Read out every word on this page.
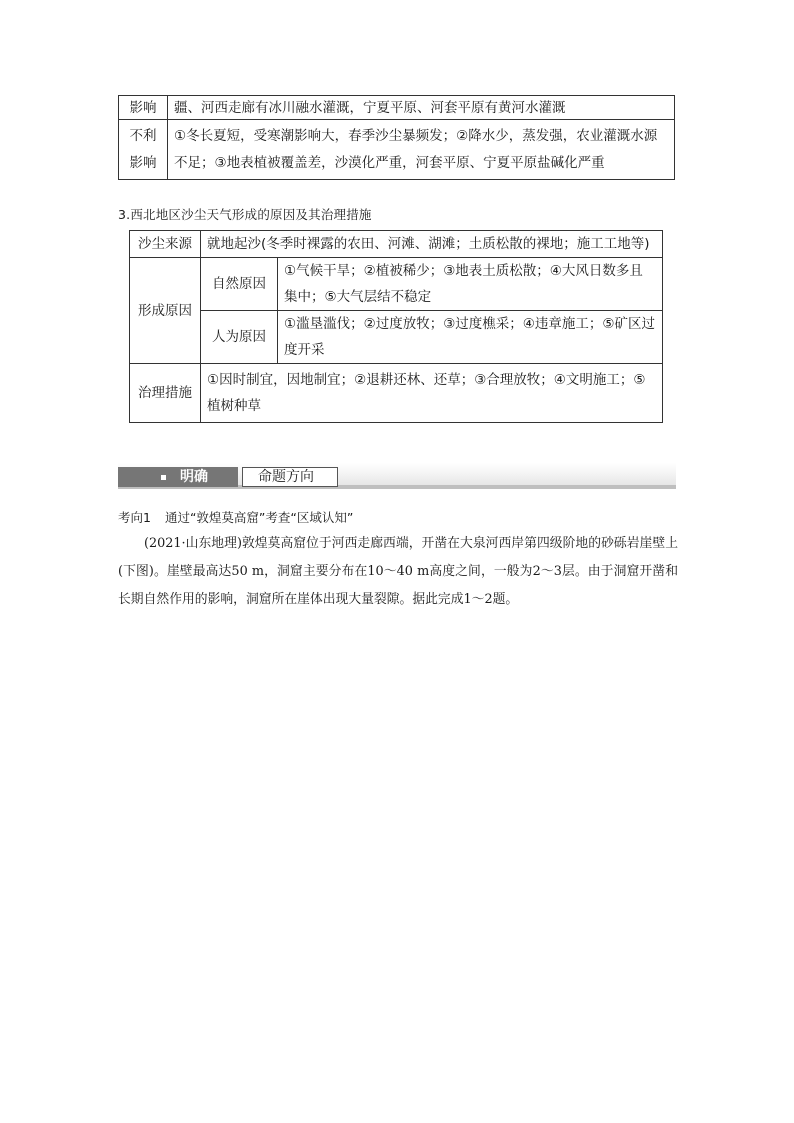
影响	疆、河西走廊有冰川融水灌溉，宁夏平原、河套平原有黄河水灌溉
不利影响	①冬长夏短，受寒潮影响大，春季沙尘暴频发；②降水少，蒸发强，农业灌溉水源不足；③地表植被覆盖差，沙漠化严重，河套平原、宁夏平原盐碱化严重
3.西北地区沙尘天气形成的原因及其治理措施
沙尘来源	就地起沙(冬季时裸露的农田、河滩、湖滩；土质松散的裸地；施工工地等)	
形成原因	自然原因	①气候干旱；②植被稀少；③地表土质松散；④大风日数多且集中；⑤大气层结不稳定
	人为原因	①滥垦滥伐；②过度放牧；③过度樵采；④违章施工；⑤矿区过度开采
治理措施	①因时制宜，因地制宜；②退耕还林、还草；③合理放牧；④文明施工；⑤植树种草	
明确	命题方向
考向1 通过“敦煌莫高窟”考查“区域认知”

(2021·山东地理)敦煌莫高窟位于河西走廊西端，开凿在大泉河西岸第四级阶地的砂砾岩崖壁上(下图)。崖壁最高达50 m，洞窟主要分布在10～40 m高度之间，一般为2～3层。由于洞窟开凿和长期自然作用的影响，洞窟所在崖体出现大量裂隙。据此完成1～2题。
